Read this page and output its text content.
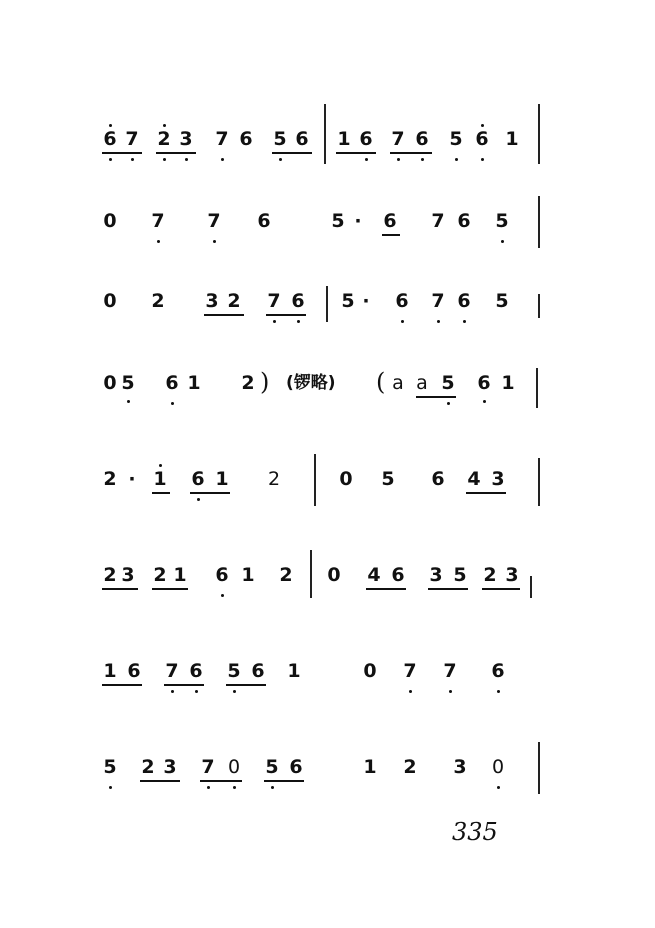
6 7 2 3 7 6 5 6 1 6 7 6 5 6 1
0 7 7 6	5 · 6 7 6 5
0 2 3 2 7 6 5 · 6 7 6 5
0 5 6 1 2 ) (锣略) ( a a 5 6 1
2 · 1 6 1 2	0 5 6 4 3
2 3 2 1 6 1 2 0 4 6 3 5 2 3
1 6 7 6 5 6 1	0 7 7 6
5 2 3 7 0 5 6	1 2 3 0
335
